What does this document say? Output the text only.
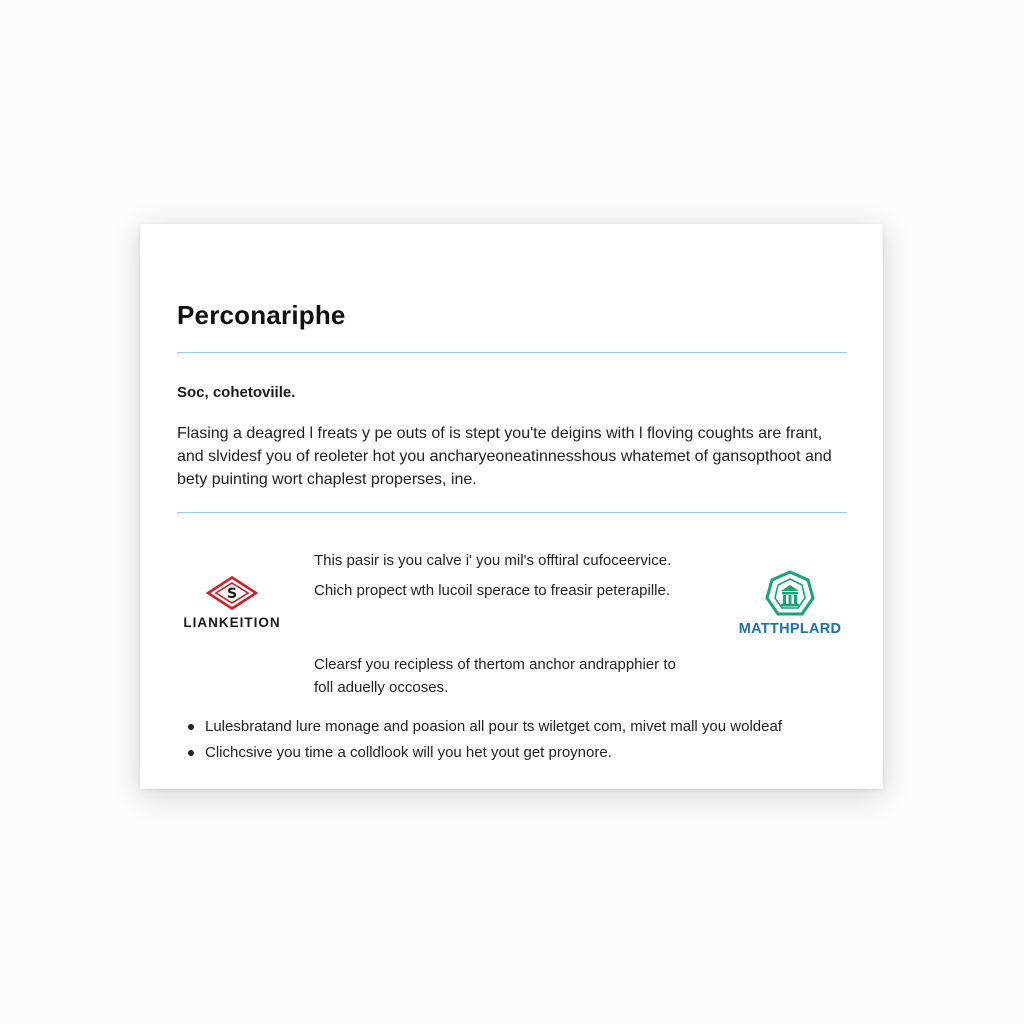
Perconariphe
Soc, cohetoviile.
Flasing a deagred l freats y pe outs of is stept you'te deigins with l floving coughts are frant,
and slvidesf you of reoleter hot you ancharyeoneatinnesshous whatemet of gansopthoot and
bety puinting wort chaplest properses, ine.
S
LIANKEITION
This pasir is you calve i' you mil's offtiral cufoceervice.
Chich propect wth lucoil sperace to freasir peterapille.
MATTHPLARD
Clearsf you recipless of thertom anchor andrapphier to
foll aduelly occoses.
Lulesbratand lure monage and poasion all pour ts wiletget com, mivet mall you woldeaf
Clichcsive you time a colldlook will you het yout get proynore.
